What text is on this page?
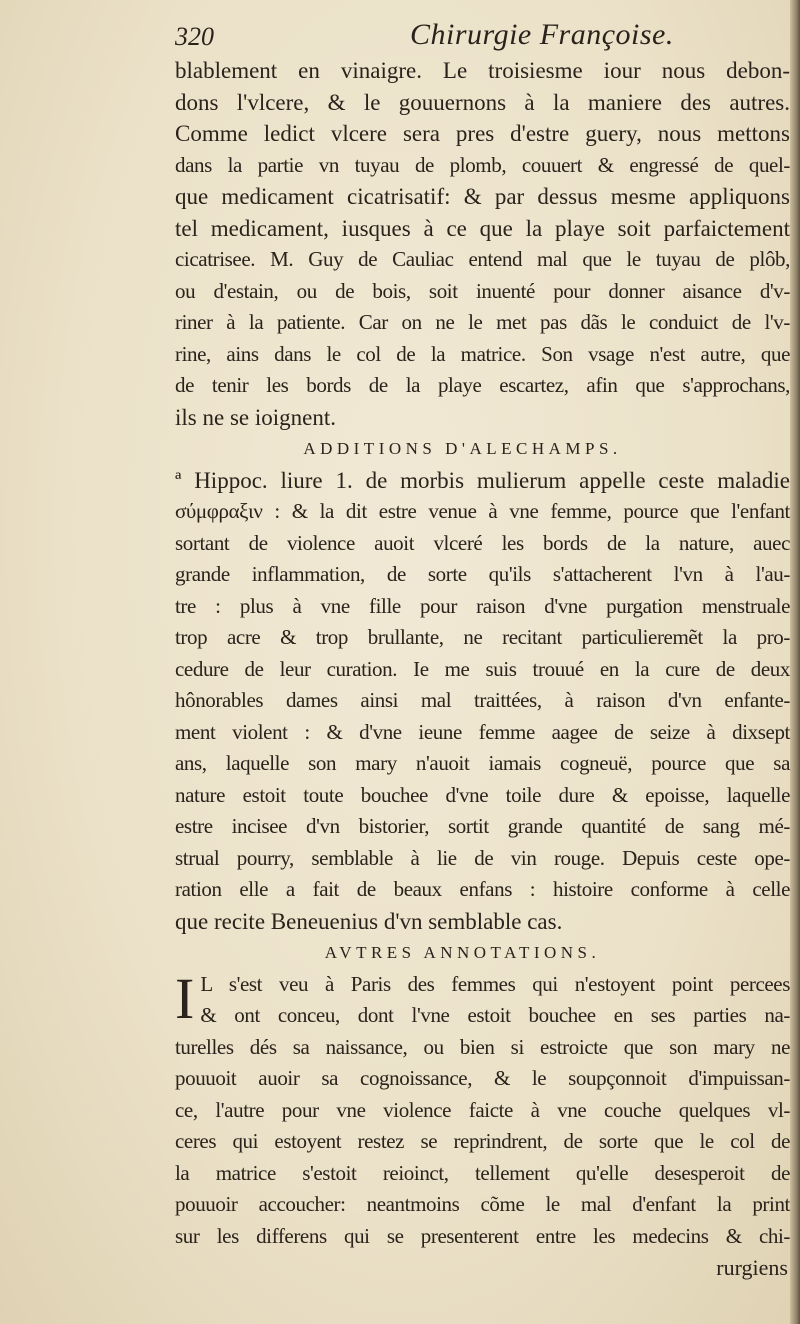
320	Chirurgie Françoise.
blablement en vinaigre. Le troisiesme iour nous debon-
dons l'vlcere, & le gouuernons à la maniere des autres.
Comme ledict vlcere sera pres d'estre guery, nous mettons
dans la partie vn tuyau de plomb, couuert & engressé de quel-
que medicament cicatrisatif: & par dessus mesme appliquons
tel medicament, iusques à ce que la playe soit parfaictement
cicatrisee. M. Guy de Cauliac entend mal que le tuyau de plôb,
ou d'estain, ou de bois, soit inuenté pour donner aisance d'v-
riner à la patiente. Car on ne le met pas dãs le conduict de l'v-
rine, ains dans le col de la matrice. Son vsage n'est autre, que
de tenir les bords de la playe escartez, afin que s'approchans,
ils ne se ioignent.
ADDITIONS D'ALECHAMPS.
ª Hippoc. liure 1. de morbis mulierum appelle ceste maladie
σύμφραξιν : & la dit estre venue à vne femme, pource que l'enfant
sortant de violence auoit vlceré les bords de la nature, auec
grande inflammation, de sorte qu'ils s'attacherent l'vn à l'au-
tre : plus à vne fille pour raison d'vne purgation menstruale
trop acre & trop brullante, ne recitant particulieremẽt la pro-
cedure de leur curation. Ie me suis trouué en la cure de deux
hônorables dames ainsi mal traittées, à raison d'vn enfante-
ment violent : & d'vne ieune femme aagee de seize à dixsept
ans, laquelle son mary n'auoit iamais cogneuë, pource que sa
nature estoit toute bouchee d'vne toile dure & epoisse, laquelle
estre incisee d'vn bistorier, sortit grande quantité de sang mé-
strual pourry, semblable à lie de vin rouge. Depuis ceste ope-
ration elle a fait de beaux enfans : histoire conforme à celle
que recite Beneuenius d'vn semblable cas.
AVTRES ANNOTATIONS.
I L s'est veu à Paris des femmes qui n'estoyent point percees
& ont conceu, dont l'vne estoit bouchee en ses parties na-
turelles dés sa naissance, ou bien si estroicte que son mary ne
pouuoit auoir sa cognoissance, & le soupçonnoit d'impuissan-
ce, l'autre pour vne violence faicte à vne couche quelques vl-
ceres qui estoyent restez se reprindrent, de sorte que le col de
la matrice s'estoit reioinct, tellement qu'elle desesperoit de
pouuoir accoucher: neantmoins cõme le mal d'enfant la print
sur les differens qui se presenterent entre les medecins & chi-
rurgiens
